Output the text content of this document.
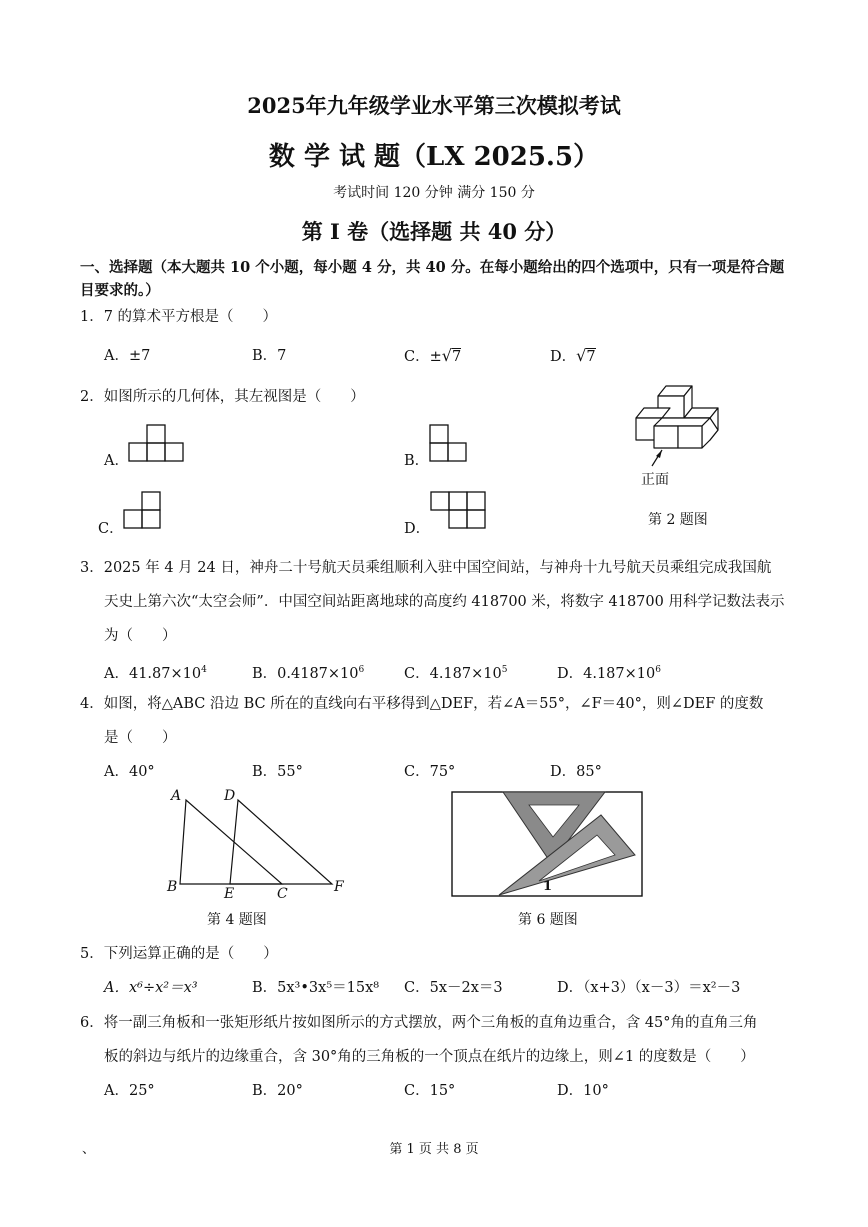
2025年九年级学业水平第三次模拟考试
数 学 试 题（LX 2025.5）
考试时间 120 分钟 满分 150 分
第 I 卷（选择题 共 40 分）
一、选择题（本大题共 10 个小题，每小题 4 分，共 40 分。在每小题给出的四个选项中，只有一项是符合题目要求的。）
1．7 的算术平方根是（　　）
A．±7	B．7	C．±√7	D．√7
2．如图所示的几何体，其左视图是（　　）
A．	B．
C．	D．
正面
第 2 题图
3．2025 年 4 月 24 日，神舟二十号航天员乘组顺利入驻中国空间站，与神舟十九号航天员乘组完成我国航
天史上第六次“太空会师”．中国空间站距离地球的高度约 418700 米，将数字 418700 用科学记数法表示
为（　　）
A．$41.87\times 10^4$	B．$0.4187\times 10^6$	C．$4.187\times 10^5$	D．$4.187\times 10^6$
4．如图，将△ABC 沿边 BC 所在的直线向右平移得到△DEF，若∠A＝55°，∠F＝40°，则∠DEF 的度数
是（　　）
A．40°	B．55°	C．75°	D．85°
A	D
B	E	C	F
第 4 题图
1
第 6 题图
5．下列运算正确的是（　　）
A．x⁶÷x²＝x³	B．5x³•3x⁵＝15x⁸ C．5x－2x＝3	D．（x+3）（x－3）＝x²－3
6．将一副三角板和一张矩形纸片按如图所示的方式摆放，两个三角板的直角边重合，含 45°角的直角三角
板的斜边与纸片的边缘重合，含 30°角的三角板的一个顶点在纸片的边缘上，则∠1 的度数是（　　）
A．25°	B．20°	C．15°	D．10°
、	第 1 页 共 8 页
